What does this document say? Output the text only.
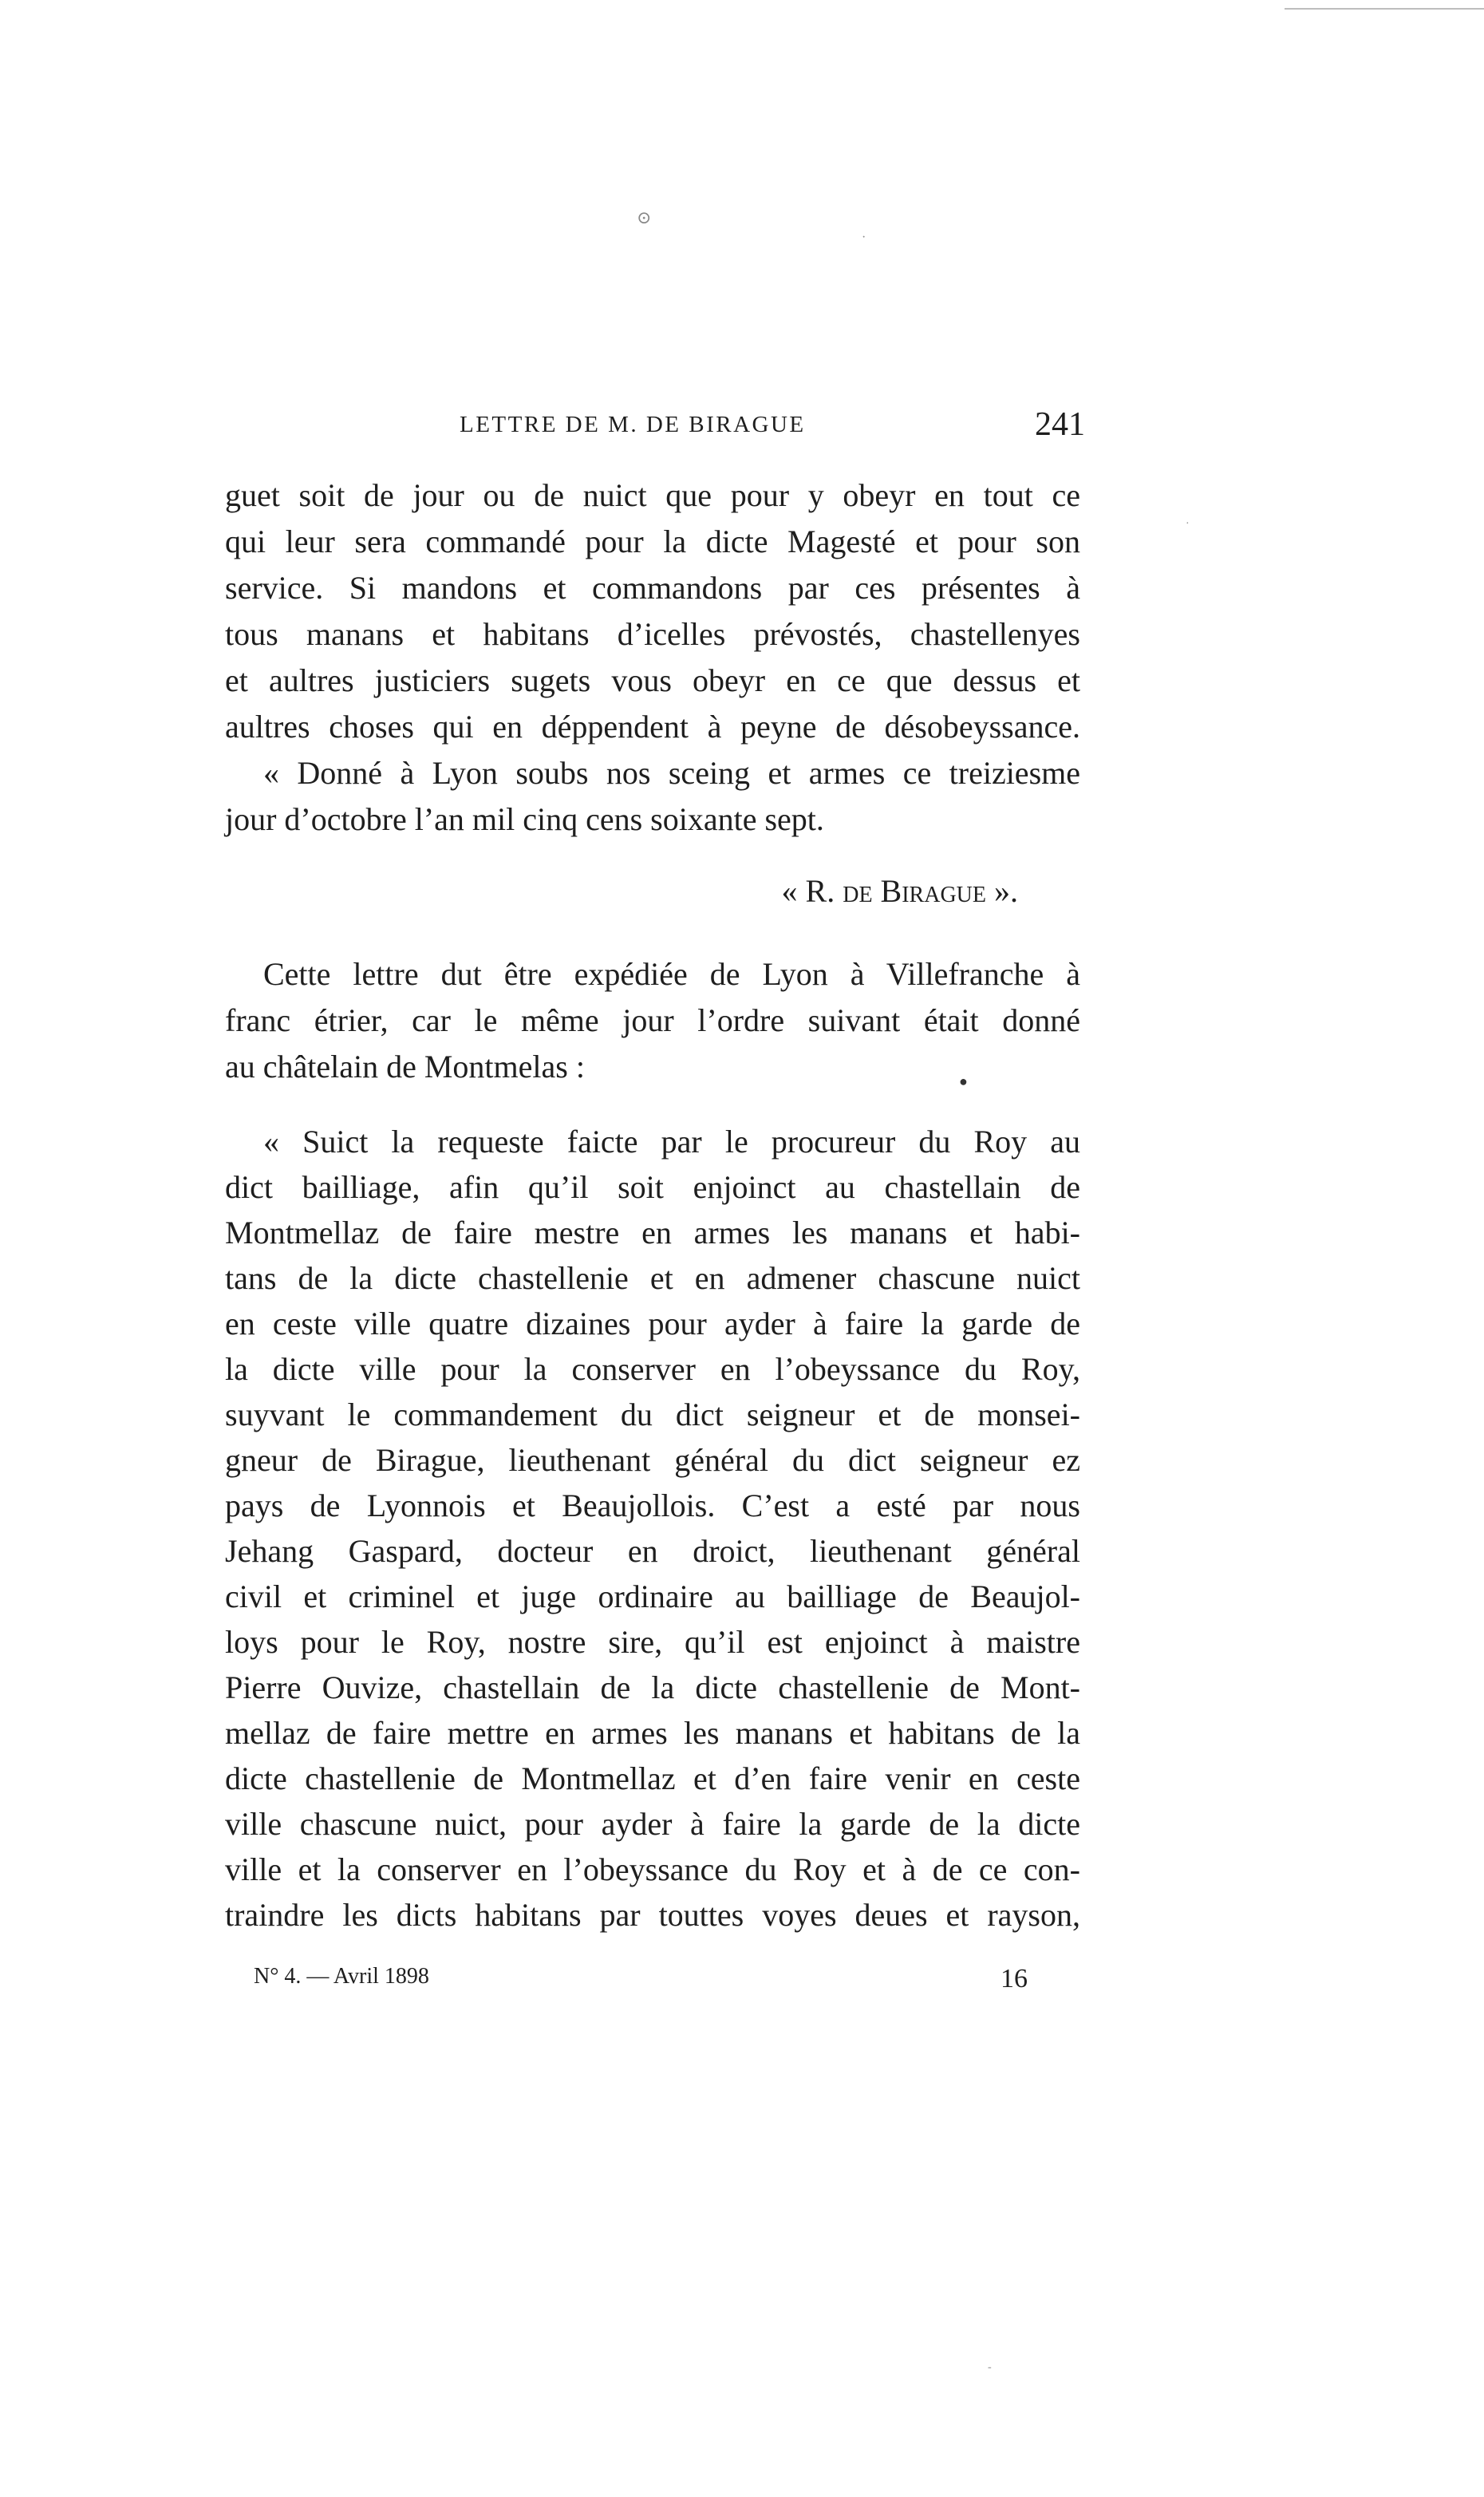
⊙
·
LETTRE DE M. DE BIRAGUE	241
guet soit de jour ou de nuict que pour y obeyr en tout ce
qui leur sera commandé pour la dicte Magesté et pour son
service. Si mandons et commandons par ces présentes à
tous manans et habitans d’icelles prévostés, chastellenyes
et aultres justiciers sugets vous obeyr en ce que dessus et
aultres choses qui en déppendent à peyne de désobeyssance.
« Donné à Lyon soubs nos sceing et armes ce treiziesme
jour d’octobre l’an mil cinq cens soixante sept.
« R. de Birague ».
Cette lettre dut être expédiée de Lyon à Villefranche à
franc étrier, car le même jour l’ordre suivant était donné
au châtelain de Montmelas :	●
« Suict la requeste faicte par le procureur du Roy au
dict bailliage, afin qu’il soit enjoinct au chastellain de
Montmellaz de faire mestre en armes les manans et habi-
tans de la dicte chastellenie et en admener chascune nuict
en ceste ville quatre dizaines pour ayder à faire la garde de
la dicte ville pour la conserver en l’obeyssance du Roy,
suyvant le commandement du dict seigneur et de monsei-
gneur de Birague, lieuthenant général du dict seigneur ez
pays de Lyonnois et Beaujollois. C’est a esté par nous
Jehang Gaspard, docteur en droict, lieuthenant général
civil et criminel et juge ordinaire au bailliage de Beaujol-
loys pour le Roy, nostre sire, qu’il est enjoinct à maistre
Pierre Ouvize, chastellain de la dicte chastellenie de Mont-
mellaz de faire mettre en armes les manans et habitans de la
dicte chastellenie de Montmellaz et d’en faire venir en ceste
ville chascune nuict, pour ayder à faire la garde de la dicte
ville et la conserver en l’obeyssance du Roy et à de ce con-
traindre les dicts habitans par touttes voyes deues et rayson,
N° 4. — Avril 1898	16
·
-
